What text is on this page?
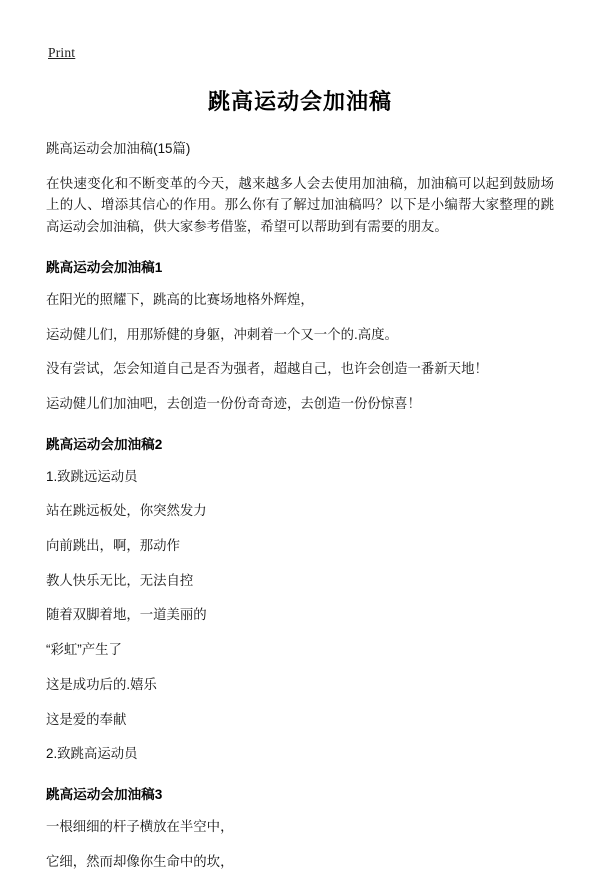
Print
跳高运动会加油稿

跳高运动会加油稿(15篇)

在快速变化和不断变革的今天，越来越多人会去使用加油稿，加油稿可以起到鼓励场上的人、增添其信心的作用。那么你有了解过加油稿吗？以下是小编帮大家整理的跳高运动会加油稿，供大家参考借鉴，希望可以帮助到有需要的朋友。

跳高运动会加油稿1

在阳光的照耀下，跳高的比赛场地格外辉煌，

运动健儿们，用那矫健的身躯，冲刺着一个又一个的.高度。

没有尝试，怎会知道自己是否为强者，超越自己，也许会创造一番新天地！

运动健儿们加油吧，去创造一份份奇奇迹，去创造一份份惊喜！

跳高运动会加油稿2

1.致跳远运动员

站在跳远板处，你突然发力

向前跳出，啊，那动作

教人快乐无比，无法自控

随着双脚着地，一道美丽的

“彩虹”产生了

这是成功后的.嬉乐

这是爱的奉献

2.致跳高运动员

跳高运动会加油稿3

一根细细的杆子横放在半空中，

它细，然而却像你生命中的坎，
